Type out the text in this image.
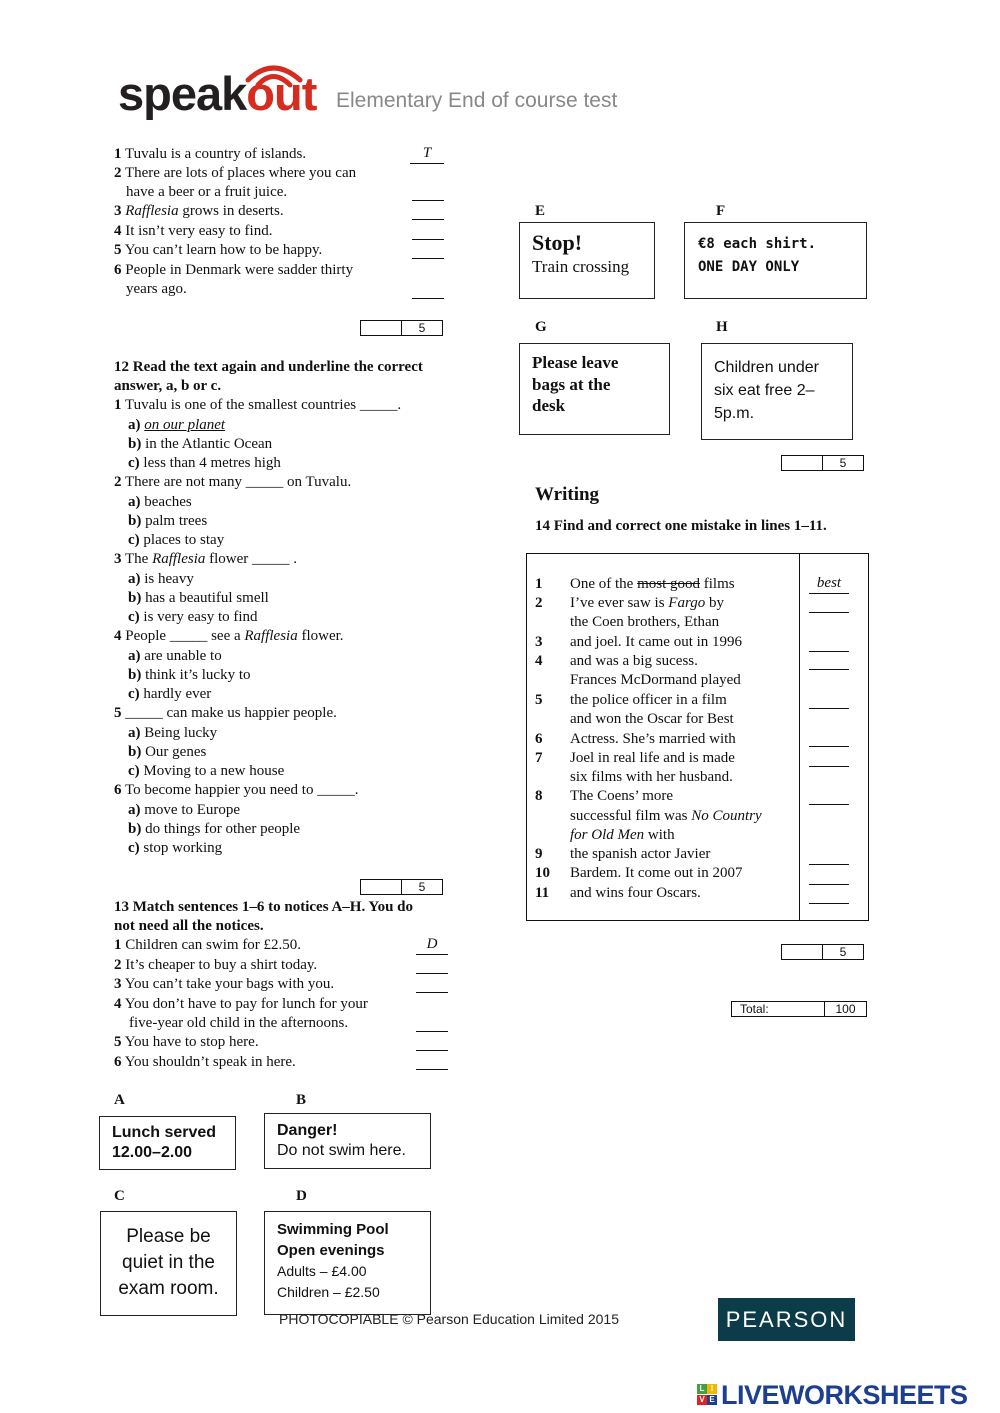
speakout Elementary End of course test
1 Tuvalu is a country of islands.	T
2 There are lots of places where you can
have a beer or a fruit juice.
3 Rafflesia grows in deserts.
4 It isn’t very easy to find.
5 You can’t learn how to be happy.
6 People in Denmark were sadder thirty
years ago.
5
12 Read the text again and underline the correct
answer, a, b or c.
1 Tuvalu is one of the smallest countries _____.
a) on our planet
b) in the Atlantic Ocean
c) less than 4 metres high
2 There are not many _____ on Tuvalu.
a) beaches
b) palm trees
c) places to stay
3 The Rafflesia flower _____ .
a) is heavy
b) has a beautiful smell
c) is very easy to find
4 People _____ see a Rafflesia flower.
a) are unable to
b) think it’s lucky to
c) hardly ever
5 _____ can make us happier people.
a) Being lucky
b) Our genes
c) Moving to a new house
6 To become happier you need to _____.
a) move to Europe
b) do things for other people
c) stop working
5
13 Match sentences 1–6 to notices A–H. You do
not need all the notices.
1 Children can swim for £2.50.	D
2 It’s cheaper to buy a shirt today.
3 You can’t take your bags with you.
4 You don’t have to pay for lunch for your
five-year old child in the afternoons.
5 You have to stop here.
6 You shouldn’t speak in here.
A
Lunch served
12.00–2.00
B
Danger!
Do not swim here.
C
Please be
quiet in the
exam room.
D
Swimming Pool
Open evenings
Adults – £4.00
Children – £2.50
E
Stop!
Train crossing
F
€8 each shirt.
ONE DAY ONLY
G
Please leave
bags at the
desk
H
Children under
six eat free 2–
5p.m.
5
Writing
14 Find and correct one mistake in lines 1–11.
1 One of the most good films	best
2 I’ve ever saw is Fargo by
the Coen brothers, Ethan
3 and joel. It came out in 1996
4 and was a big sucess.
Frances McDormand played
5 the police officer in a film
and won the Oscar for Best
6 Actress. She’s married with
7 Joel in real life and is made
six films with her husband.
8 The Coens’ more
successful film was No Country
for Old Men with
9 the spanish actor Javier
10 Bardem. It come out in 2007
11 and wins four Oscars.
5
Total:	100
PHOTOCOPIABLE © Pearson Education Limited 2015	PEARSON
L I
V E LIVEWORKSHEETS
